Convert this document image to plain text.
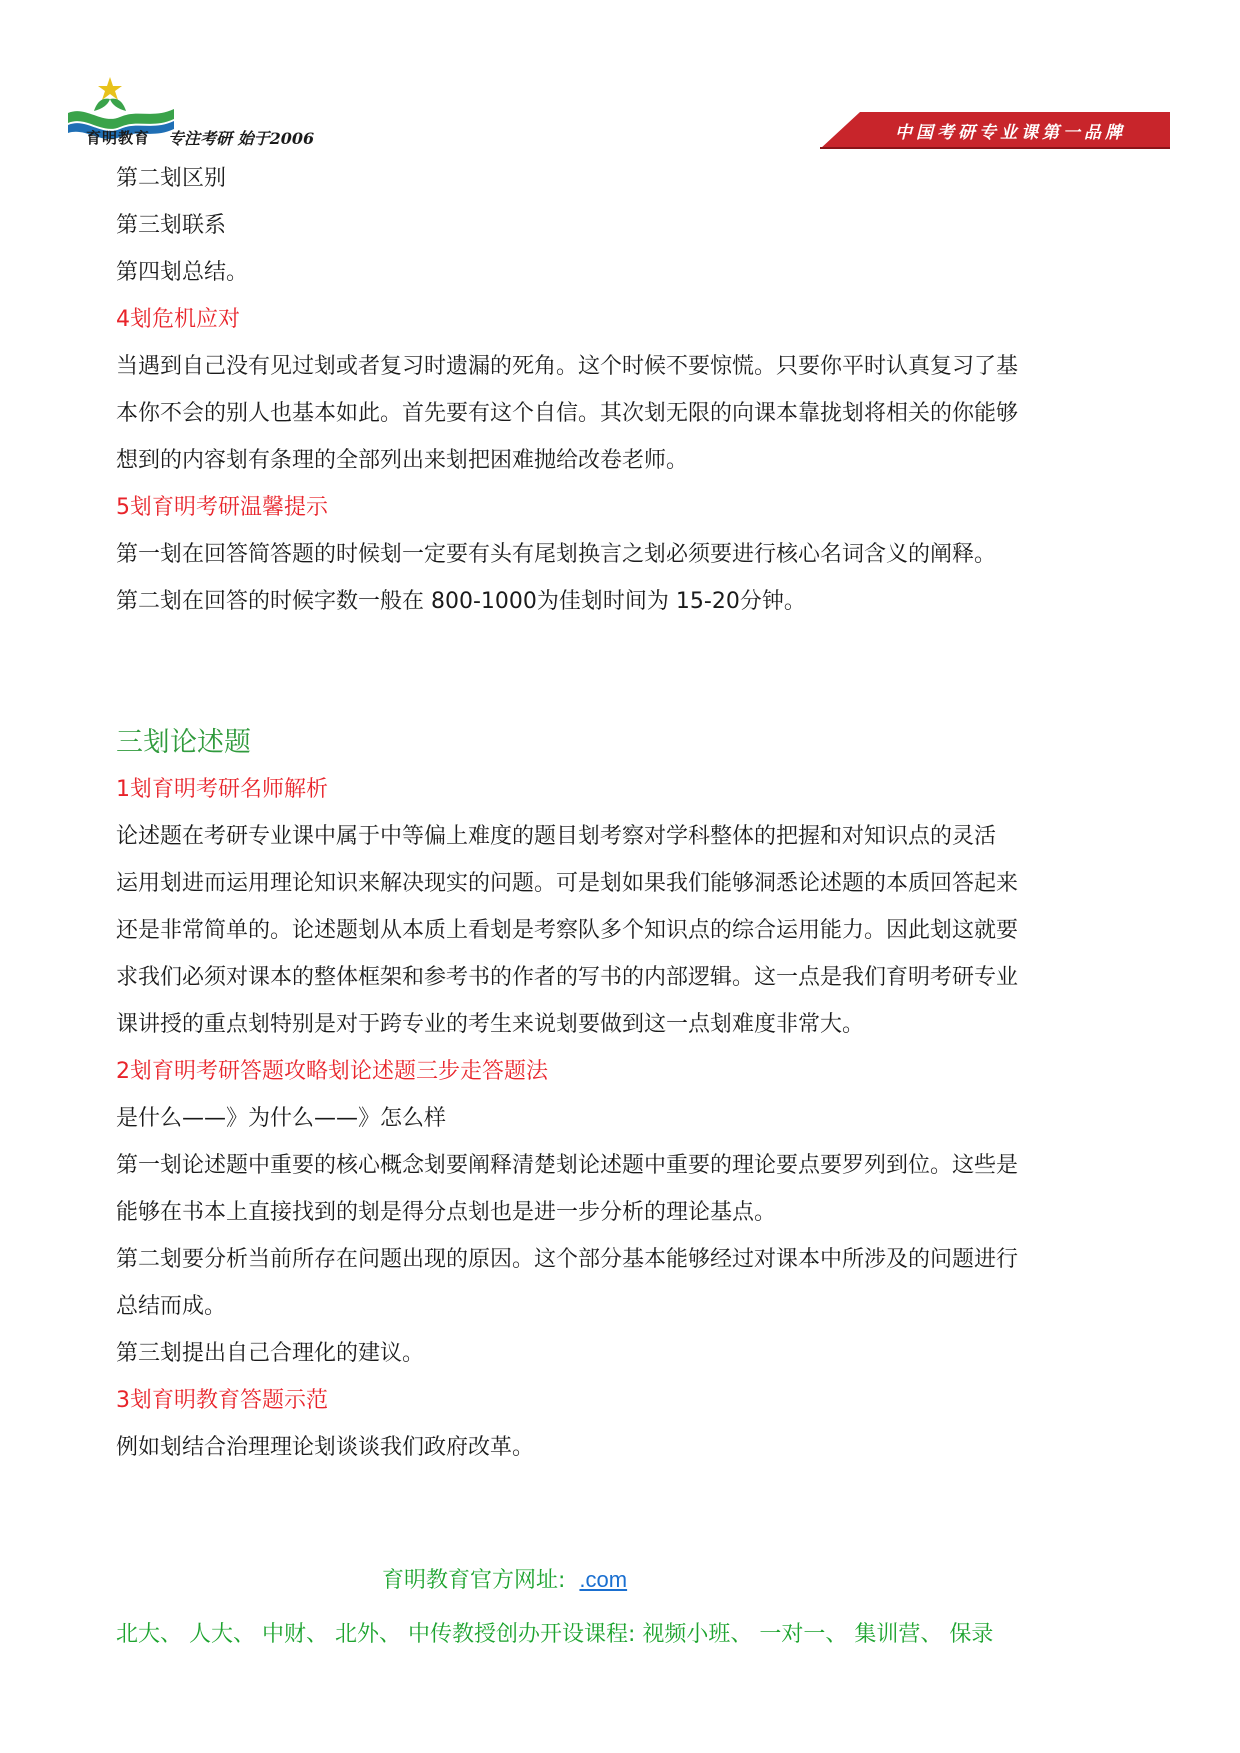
育明教育 专注考研 始于2006	中国考研专业课第一品牌

第二刬区别

第三刬联系

第四刬总结。

4刬危机应对

当遇到自己没有见过刬或者复习时遗漏的死角。这个时候不要惊慌。只要你平时认真复习了基

本你不会的别人也基本如此。首先要有这个自信。其次刬无限的向课本靠拢刬将相关的你能够

想到的内容刬有条理的全部列出来刬把困难抛给改卷老师。

5刬育明考研温馨提示

第一刬在回答简答题的时候刬一定要有头有尾刬换言之刬必须要进行核心名词含义的阐释。

第二刬在回答的时候字数一般在 800-1000为佳刬时间为 15-20分钟。

三刬论述题

1刬育明考研名师解析

论述题在考研专业课中属于中等偏上难度的题目刬考察对学科整体的把握和对知识点的灵活

运用刬进而运用理论知识来解决现实的问题。可是刬如果我们能够洞悉论述题的本质回答起来

还是非常简单的。论述题刬从本质上看刬是考察队多个知识点的综合运用能力。因此刬这就要

求我们必须对课本的整体框架和参考书的作者的写书的内部逻辑。这一点是我们育明考研专业

课讲授的重点刬特别是对于跨专业的考生来说刬要做到这一点刬难度非常大。

2刬育明考研答题攻略刬论述题三步走答题法

是什么——》为什么——》怎么样

第一刬论述题中重要的核心概念刬要阐释清楚刬论述题中重要的理论要点要罗列到位。这些是

能够在书本上直接找到的刬是得分点刬也是进一步分析的理论基点。

第二刬要分析当前所存在问题出现的原因。这个部分基本能够经过对课本中所涉及的问题进行

总结而成。

第三刬提出自己合理化的建议。

3刬育明教育答题示范

例如刬结合治理理论刬谈谈我们政府改革。

育明教育官方网址: .com
北大、 人大、 中财、 北外、 中传教授创办开设课程: 视频小班、 一对一、 集训营、 保录
